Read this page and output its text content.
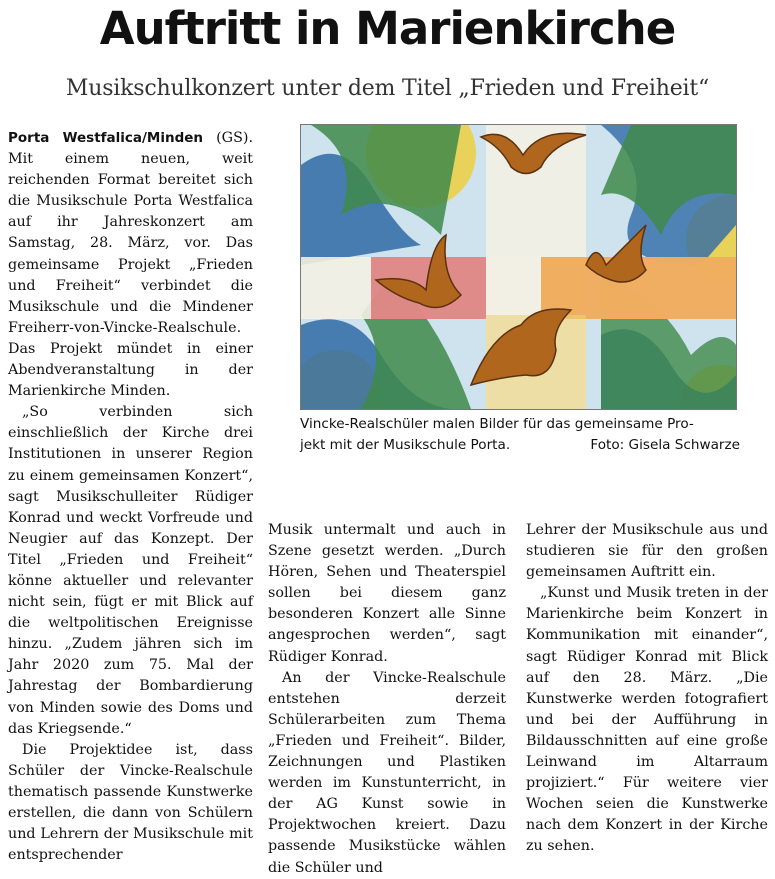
Auftritt in Marienkirche
Musikschulkonzert unter dem Titel „Frieden und Freiheit“

Porta Westfalica/Minden (GS). Mit einem neuen, weit reichenden Format bereitet sich die Musikschule Porta Westfalica auf ihr Jahreskonzert am Samstag, 28. März, vor. Das gemeinsame Projekt „Frieden und Freiheit“ verbindet die Musikschule und die Mindener Freiherr-von-Vincke-Realschule. Das Projekt mündet in einer Abendveranstaltung in der Marienkirche Minden.

„So verbinden sich einschließlich der Kirche drei Institutionen in unserer Region zu einem gemeinsamen Konzert“, sagt Musikschulleiter Rüdiger Konrad und weckt Vorfreude und Neugier auf das Konzept. Der Titel „Frieden und Freiheit“ könne aktueller und relevanter nicht sein, fügt er mit Blick auf die weltpolitischen Ereignisse hinzu. „Zudem jähren sich im Jahr 2020 zum 75. Mal der Jahrestag der Bombardierung von Minden sowie des Doms und das Kriegsende.“

Die Projektidee ist, dass Schüler der Vincke-Realschule thematisch passende Kunstwerke erstellen, die dann von Schülern und Lehrern der Musikschule mit entsprechender

Vincke-Realschüler malen Bilder für das gemeinsame Pro-
jekt mit der Musikschule Porta.	Foto: Gisela Schwarze

Musik untermalt und auch in Szene gesetzt werden. „Durch Hören, Sehen und Theaterspiel sollen bei diesem ganz besonderen Konzert alle Sinne angesprochen werden“, sagt Rüdiger Konrad.

An der Vincke-Realschule entstehen derzeit Schülerarbeiten zum Thema „Frieden und Freiheit“. Bilder, Zeichnungen und Plastiken werden im Kunstunterricht, in der AG Kunst sowie in Projektwochen kreiert. Dazu passende Musikstücke wählen die Schüler und

Lehrer der Musikschule aus und studieren sie für den großen gemeinsamen Auftritt ein.

„Kunst und Musik treten in der Marienkirche beim Konzert in Kommunikation mit einander“, sagt Rüdiger Konrad mit Blick auf den 28. März. „Die Kunstwerke werden fotografiert und bei der Aufführung in Bildausschnitten auf eine große Leinwand im Altarraum projiziert.“ Für weitere vier Wochen seien die Kunstwerke nach dem Konzert in der Kirche zu sehen.
